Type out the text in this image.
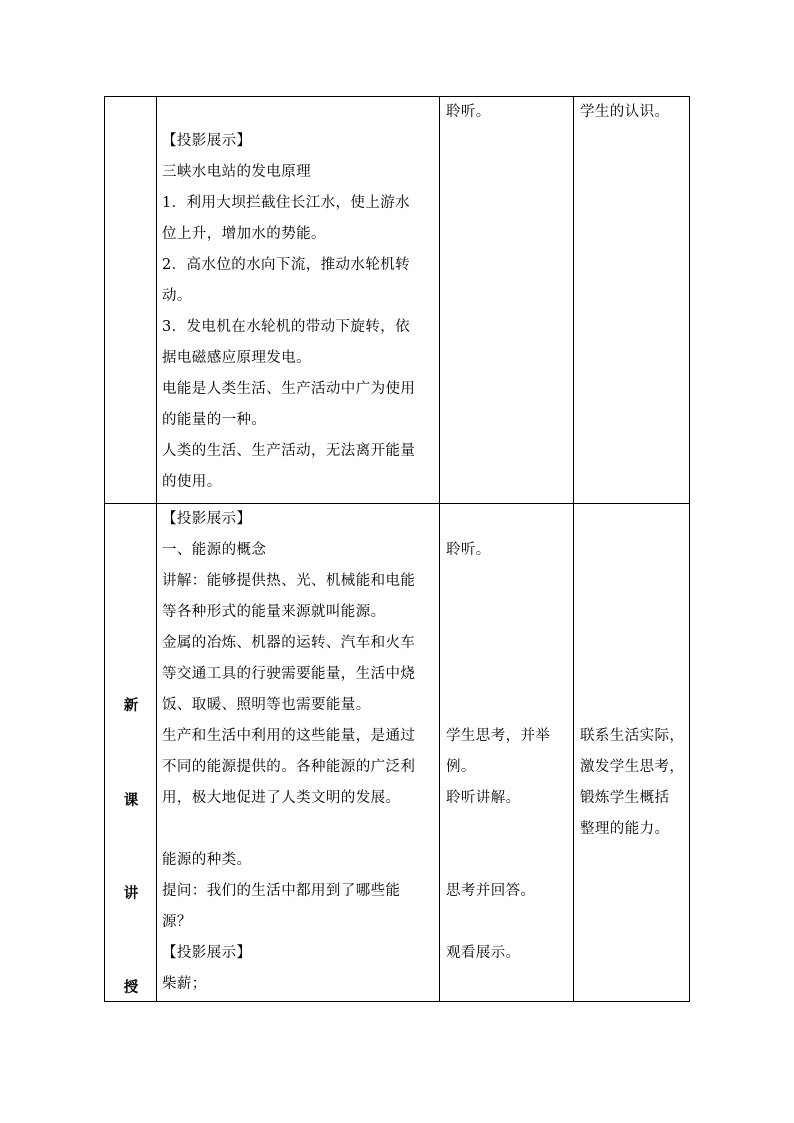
【投影展示】
三峡水电站的发电原理
1．利用大坝拦截住长江水，使上游水
位上升，增加水的势能。
2．高水位的水向下流，推动水轮机转
动。
3．发电机在水轮机的带动下旋转，依
据电磁感应原理发电。
电能是人类生活、生产活动中广为使用
的能量的一种。
人类的生活、生产活动，无法离开能量
的使用。
聆听。	学生的认识。
新
课
讲
授
【投影展示】
一、能源的概念
讲解：能够提供热、光、机械能和电能
等各种形式的能量来源就叫能源。
金属的冶炼、机器的运转、汽车和火车
等交通工具的行驶需要能量，生活中烧
饭、取暖、照明等也需要能量。
生产和生活中利用的这些能量，是通过
不同的能源提供的。各种能源的广泛利
用，极大地促进了人类文明的发展。
能源的种类。
提问：我们的生活中都用到了哪些能
源？
【投影展示】
柴薪；
聆听。
学生思考，并举
例。
聆听讲解。
思考并回答。
观看展示。
联系生活实际，
激发学生思考，
锻炼学生概括
整理的能力。
